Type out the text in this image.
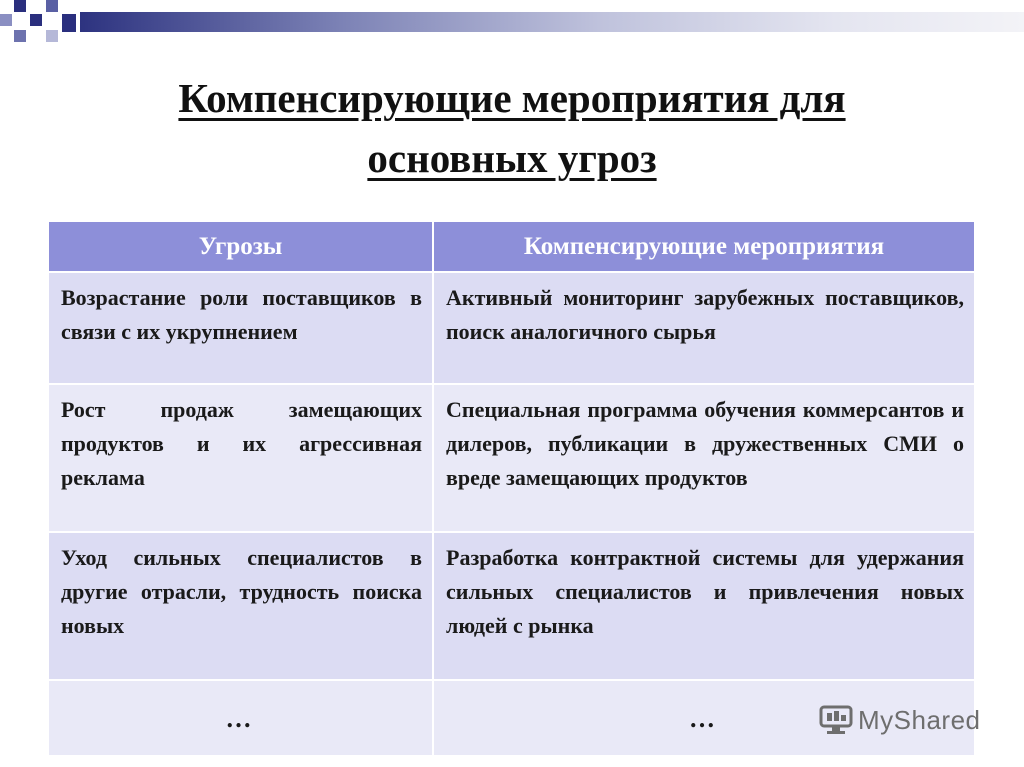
Компенсирующие мероприятия для
основных угроз
Угрозы	Компенсирующие мероприятия
Возрастание роли поставщиков в связи с их укрупнением	Активный мониторинг зарубежных поставщиков, поиск аналогичного сырья
Рост продаж замещающих продуктов и их агрессивная реклама	Специальная программа обучения коммерсантов и дилеров, публикации в дружественных СМИ о вреде замещающих продуктов
Уход сильных специалистов в другие отрасли, трудность поиска новых	Разработка контрактной системы для удержания сильных специалистов и привлечения новых людей с рынка
…	…	MyShared
